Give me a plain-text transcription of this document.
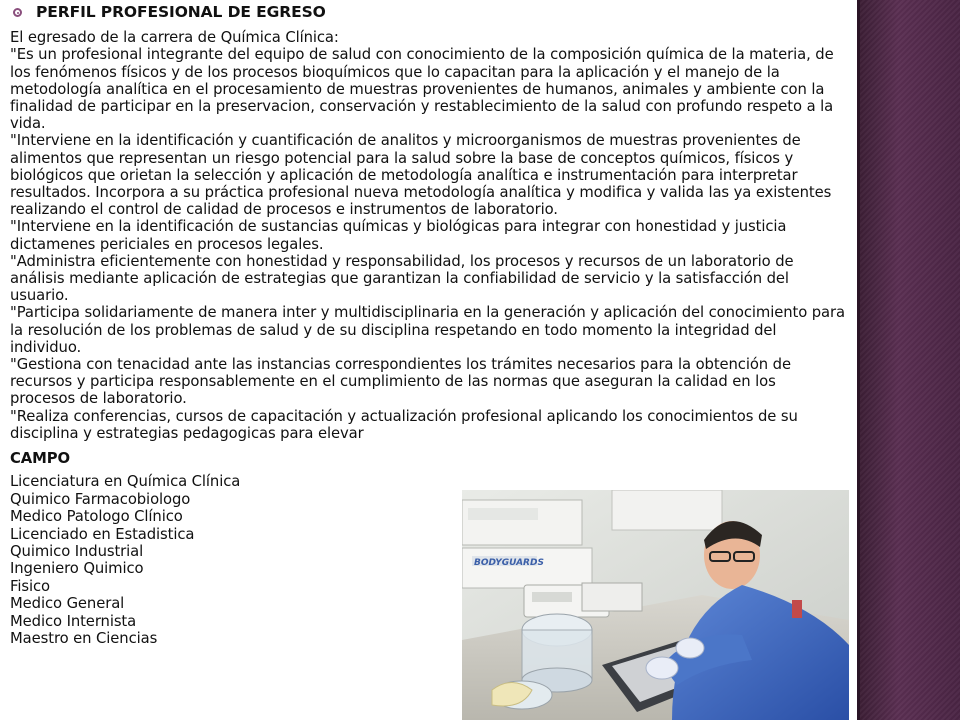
PERFIL PROFESIONAL DE EGRESO

El egresado de la carrera de Química Clínica:

"Es un profesional integrante del equipo de salud con conocimiento de la composición química de la materia, de los fenómenos físicos y de los procesos bioquímicos que lo capacitan para la aplicación y el manejo de la metodología analítica en el procesamiento de muestras provenientes de humanos, animales y ambiente con la finalidad de participar en la preservacion, conservación y restablecimiento de la salud con profundo respeto a la vida.

"Interviene en la identificación y cuantificación de analitos y microorganismos de muestras provenientes de alimentos que representan un riesgo potencial para la salud sobre la base de conceptos químicos, físicos y biológicos que orietan la selección y aplicación de metodología analítica e instrumentación para interpretar resultados. Incorpora a su práctica profesional nueva metodología analítica y modifica y valida las ya existentes realizando el control de calidad de procesos e instrumentos de laboratorio.

"Interviene en la identificación de sustancias químicas y biológicas para integrar con honestidad y justicia dictamenes periciales en procesos legales.

"Administra eficientemente con honestidad y responsabilidad, los procesos y recursos de un laboratorio de análisis mediante aplicación de estrategias que garantizan la confiabilidad de servicio y la satisfacción del usuario.

"Participa solidariamente de manera inter y multidisciplinaria en la generación y aplicación del conocimiento para la resolución de los problemas de salud y de su disciplina respetando en todo momento la integridad del individuo.

"Gestiona con tenacidad ante las instancias correspondientes los trámites necesarios para la obtención de recursos y participa responsablemente en el cumplimiento de las normas que aseguran la calidad en los procesos de laboratorio.

"Realiza conferencias, cursos de capacitación y actualización profesional aplicando los conocimientos de su disciplina y estrategias pedagogicas para elevar

CAMPO
Licenciatura en Química Clínica
Quimico Farmacobiologo
Medico Patologo Clínico
Licenciado en Estadistica
Quimico Industrial
Ingeniero Quimico
Fisico
Medico General
Medico Internista
Maestro en Ciencias
BODYGUARDS
